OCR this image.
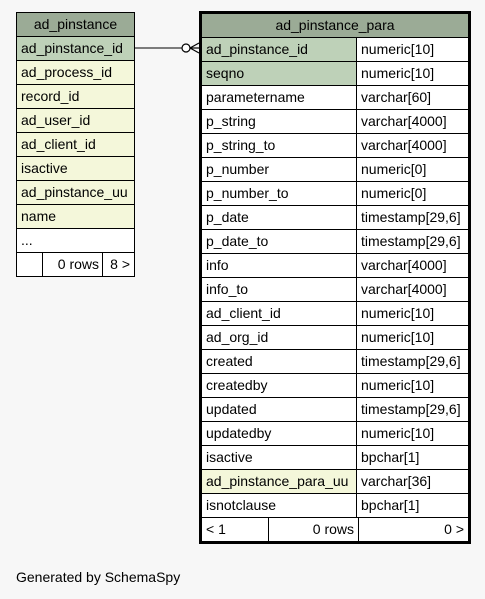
ad_pinstance
ad_pinstance_id
ad_process_id
record_id
ad_user_id
ad_client_id
isactive
ad_pinstance_uu
name
...
0 rows 8 >
ad_pinstance_para
ad_pinstance_id	numeric[10]
seqno	numeric[10]
parametername	varchar[60]
p_string	varchar[4000]
p_string_to	varchar[4000]
p_number	numeric[0]
p_number_to	numeric[0]
p_date	timestamp[29,6]
p_date_to	timestamp[29,6]
info	varchar[4000]
info_to	varchar[4000]
ad_client_id	numeric[10]
ad_org_id	numeric[10]
created	timestamp[29,6]
createdby	numeric[10]
updated	timestamp[29,6]
updatedby	numeric[10]
isactive	bpchar[1]
ad_pinstance_para_uu varchar[36]
isnotclause	bpchar[1]
< 1	0 rows	0 >
Generated by SchemaSpy
